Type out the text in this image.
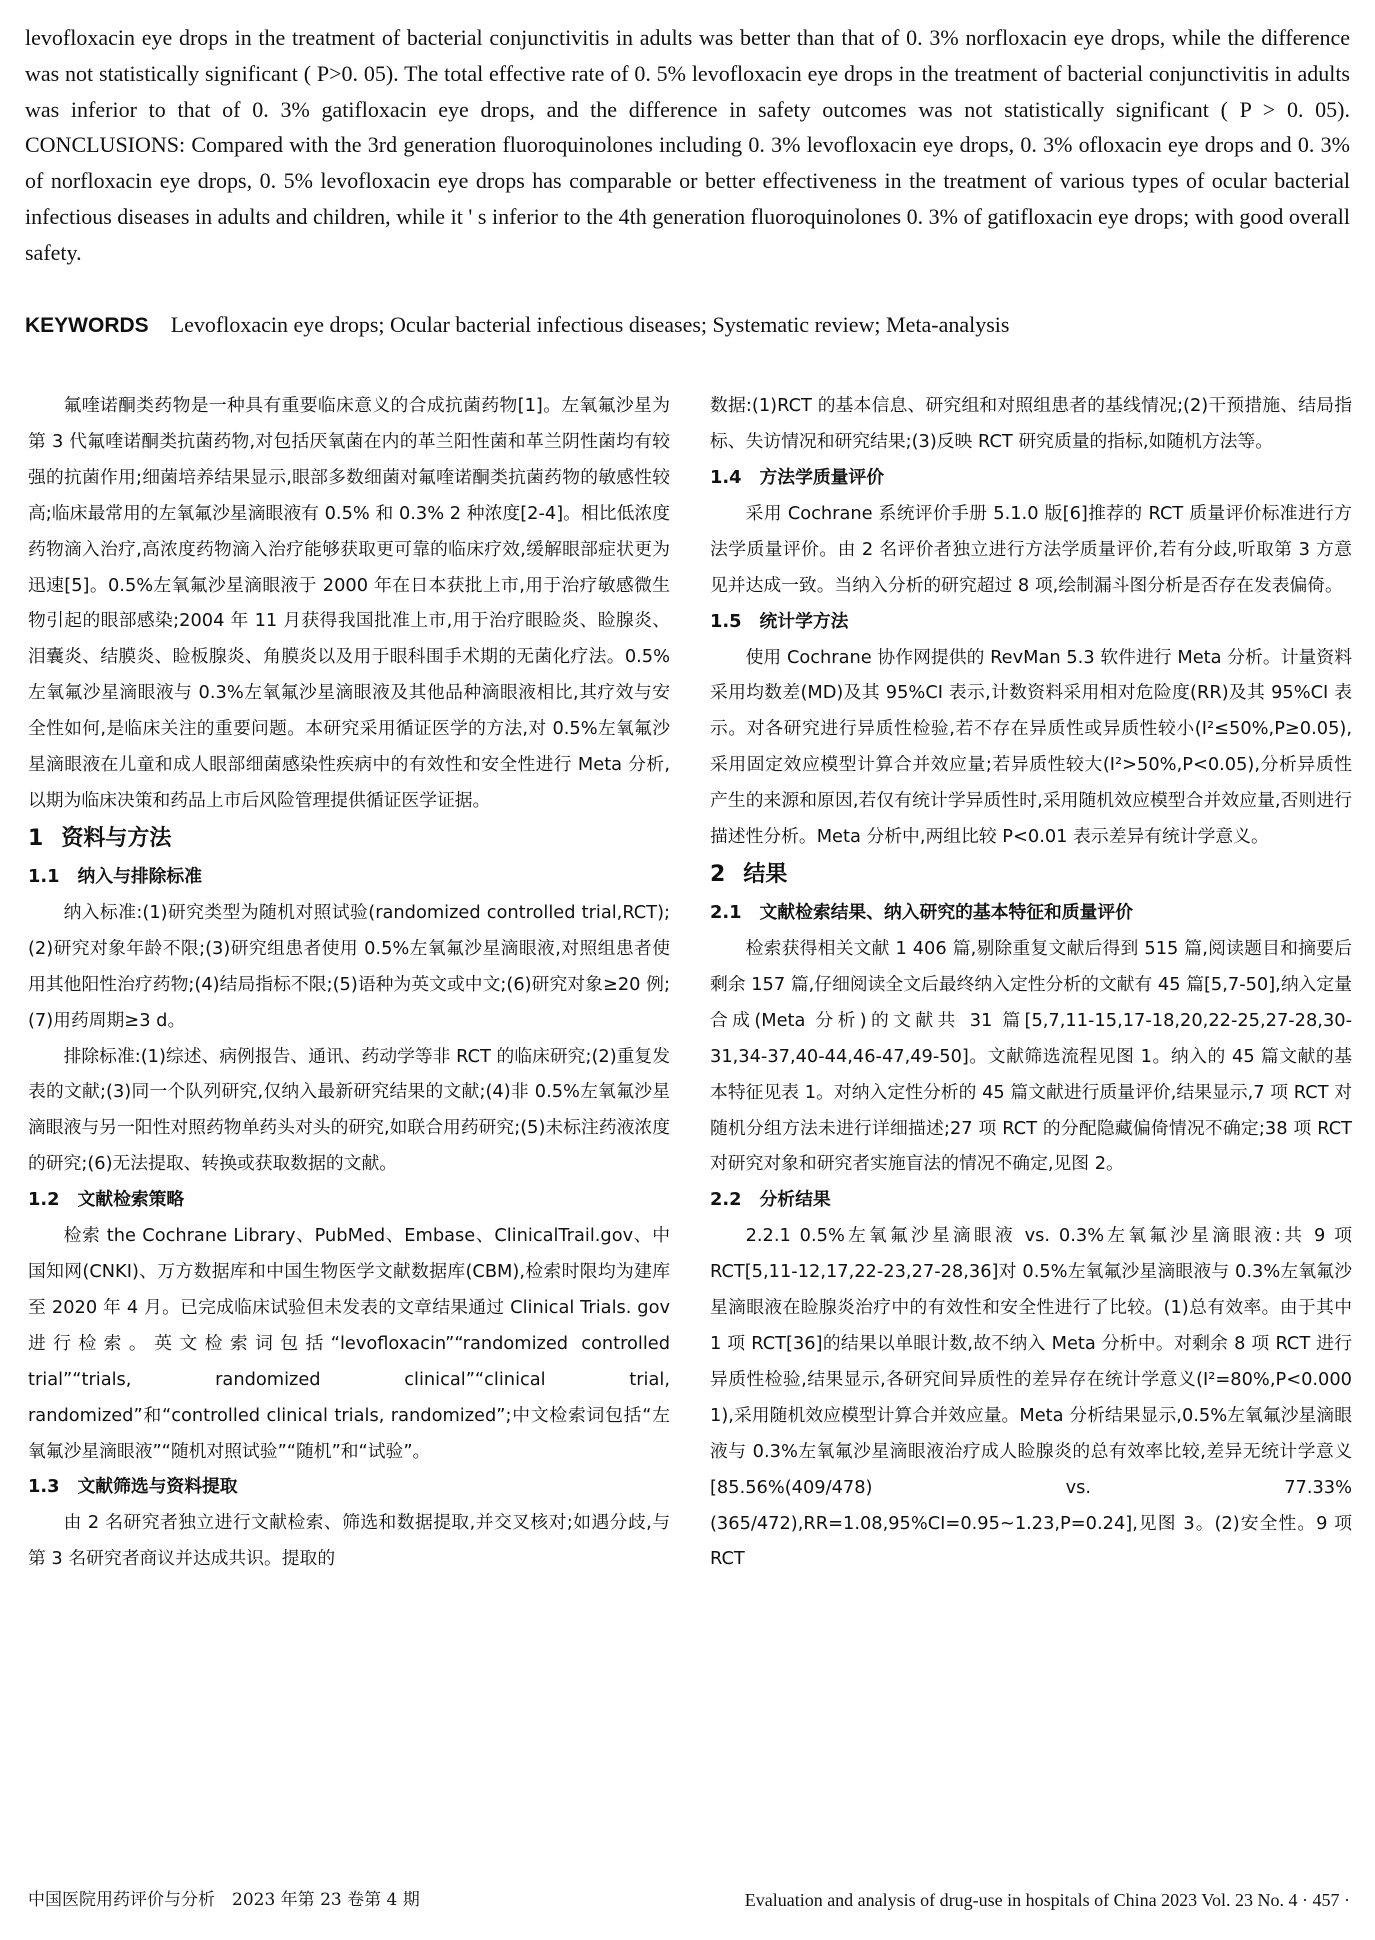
levofloxacin eye drops in the treatment of bacterial conjunctivitis in adults was better than that of 0. 3% norfloxacin eye drops, while the difference was not statistically significant ( P>0. 05). The total effective rate of 0. 5% levofloxacin eye drops in the treatment of bacterial conjunctivitis in adults was inferior to that of 0. 3% gatifloxacin eye drops, and the difference in safety outcomes was not statistically significant ( P > 0. 05). CONCLUSIONS: Compared with the 3rd generation fluoroquinolones including 0. 3% levofloxacin eye drops, 0. 3% ofloxacin eye drops and 0. 3% of norfloxacin eye drops, 0. 5% levofloxacin eye drops has comparable or better effectiveness in the treatment of various types of ocular bacterial infectious diseases in adults and children, while it ' s inferior to the 4th generation fluoroquinolones 0. 3% of gatifloxacin eye drops; with good overall safety.

KEYWORDS Levofloxacin eye drops; Ocular bacterial infectious diseases; Systematic review; Meta-analysis

氟喹诺酮类药物是一种具有重要临床意义的合成抗菌药物[1]。左氧氟沙星为第 3 代氟喹诺酮类抗菌药物,对包括厌氧菌在内的革兰阳性菌和革兰阴性菌均有较强的抗菌作用;细菌培养结果显示,眼部多数细菌对氟喹诺酮类抗菌药物的敏感性较高;临床最常用的左氧氟沙星滴眼液有 0.5% 和 0.3% 2 种浓度[2-4]。相比低浓度药物滴入治疗,高浓度药物滴入治疗能够获取更可靠的临床疗效,缓解眼部症状更为迅速[5]。0.5%左氧氟沙星滴眼液于 2000 年在日本获批上市,用于治疗敏感微生物引起的眼部感染;2004 年 11 月获得我国批准上市,用于治疗眼睑炎、睑腺炎、泪囊炎、结膜炎、睑板腺炎、角膜炎以及用于眼科围手术期的无菌化疗法。0.5%左氧氟沙星滴眼液与 0.3%左氧氟沙星滴眼液及其他品种滴眼液相比,其疗效与安全性如何,是临床关注的重要问题。本研究采用循证医学的方法,对 0.5%左氧氟沙星滴眼液在儿童和成人眼部细菌感染性疾病中的有效性和安全性进行 Meta 分析,以期为临床决策和药品上市后风险管理提供循证医学证据。

1 资料与方法
1.1 纳入与排除标准

纳入标准:(1)研究类型为随机对照试验(randomized controlled trial,RCT);(2)研究对象年龄不限;(3)研究组患者使用 0.5%左氧氟沙星滴眼液,对照组患者使用其他阳性治疗药物;(4)结局指标不限;(5)语种为英文或中文;(6)研究对象≥20 例;(7)用药周期≥3 d。

排除标准:(1)综述、病例报告、通讯、药动学等非 RCT 的临床研究;(2)重复发表的文献;(3)同一个队列研究,仅纳入最新研究结果的文献;(4)非 0.5%左氧氟沙星滴眼液与另一阳性对照药物单药头对头的研究,如联合用药研究;(5)未标注药液浓度的研究;(6)无法提取、转换或获取数据的文献。

1.2 文献检索策略

检索 the Cochrane Library、PubMed、Embase、ClinicalTrail.gov、中国知网(CNKI)、万方数据库和中国生物医学文献数据库(CBM),检索时限均为建库至 2020 年 4 月。已完成临床试验但未发表的文章结果通过 Clinical Trials. gov 进行检索。英文检索词包括“levofloxacin”“randomized controlled trial”“trials, randomized clinical”“clinical trial, randomized”和“controlled clinical trials, randomized”;中文检索词包括“左氧氟沙星滴眼液”“随机对照试验”“随机”和“试验”。

1.3 文献筛选与资料提取

由 2 名研究者独立进行文献检索、筛选和数据提取,并交叉核对;如遇分歧,与第 3 名研究者商议并达成共识。提取的

数据:(1)RCT 的基本信息、研究组和对照组患者的基线情况;(2)干预措施、结局指标、失访情况和研究结果;(3)反映 RCT 研究质量的指标,如随机方法等。

1.4 方法学质量评价

采用 Cochrane 系统评价手册 5.1.0 版[6]推荐的 RCT 质量评价标准进行方法学质量评价。由 2 名评价者独立进行方法学质量评价,若有分歧,听取第 3 方意见并达成一致。当纳入分析的研究超过 8 项,绘制漏斗图分析是否存在发表偏倚。

1.5 统计学方法

使用 Cochrane 协作网提供的 RevMan 5.3 软件进行 Meta 分析。计量资料采用均数差(MD)及其 95%CI 表示,计数资料采用相对危险度(RR)及其 95%CI 表示。对各研究进行异质性检验,若不存在异质性或异质性较小(I²≤50%,P≥0.05),采用固定效应模型计算合并效应量;若异质性较大(I²>50%,P<0.05),分析异质性产生的来源和原因,若仅有统计学异质性时,采用随机效应模型合并效应量,否则进行描述性分析。Meta 分析中,两组比较 P<0.01 表示差异有统计学意义。

2 结果
2.1 文献检索结果、纳入研究的基本特征和质量评价

检索获得相关文献 1 406 篇,剔除重复文献后得到 515 篇,阅读题目和摘要后剩余 157 篇,仔细阅读全文后最终纳入定性分析的文献有 45 篇[5,7-50],纳入定量合成(Meta 分析)的文献共 31 篇[5,7,11-15,17-18,20,22-25,27-28,30-31,34-37,40-44,46-47,49-50]。文献筛选流程见图 1。纳入的 45 篇文献的基本特征见表 1。对纳入定性分析的 45 篇文献进行质量评价,结果显示,7 项 RCT 对随机分组方法未进行详细描述;27 项 RCT 的分配隐藏偏倚情况不确定;38 项 RCT 对研究对象和研究者实施盲法的情况不确定,见图 2。

2.2 分析结果

2.2.1 0.5%左氧氟沙星滴眼液 vs. 0.3%左氧氟沙星滴眼液:共 9 项 RCT[5,11-12,17,22-23,27-28,36]对 0.5%左氧氟沙星滴眼液与 0.3%左氧氟沙星滴眼液在睑腺炎治疗中的有效性和安全性进行了比较。(1)总有效率。由于其中 1 项 RCT[36]的结果以单眼计数,故不纳入 Meta 分析中。对剩余 8 项 RCT 进行异质性检验,结果显示,各研究间异质性的差异存在统计学意义(I²=80%,P<0.000 1),采用随机效应模型计算合并效应量。Meta 分析结果显示,0.5%左氧氟沙星滴眼液与 0.3%左氧氟沙星滴眼液治疗成人睑腺炎的总有效率比较,差异无统计学意义[85.56%(409/478) vs. 77.33%(365/472),RR=1.08,95%CI=0.95~1.23,P=0.24],见图 3。(2)安全性。9 项 RCT

中国医院用药评价与分析　2023 年第 23 卷第 4 期	Evaluation and analysis of drug-use in hospitals of China 2023 Vol. 23 No. 4 · 457 ·
